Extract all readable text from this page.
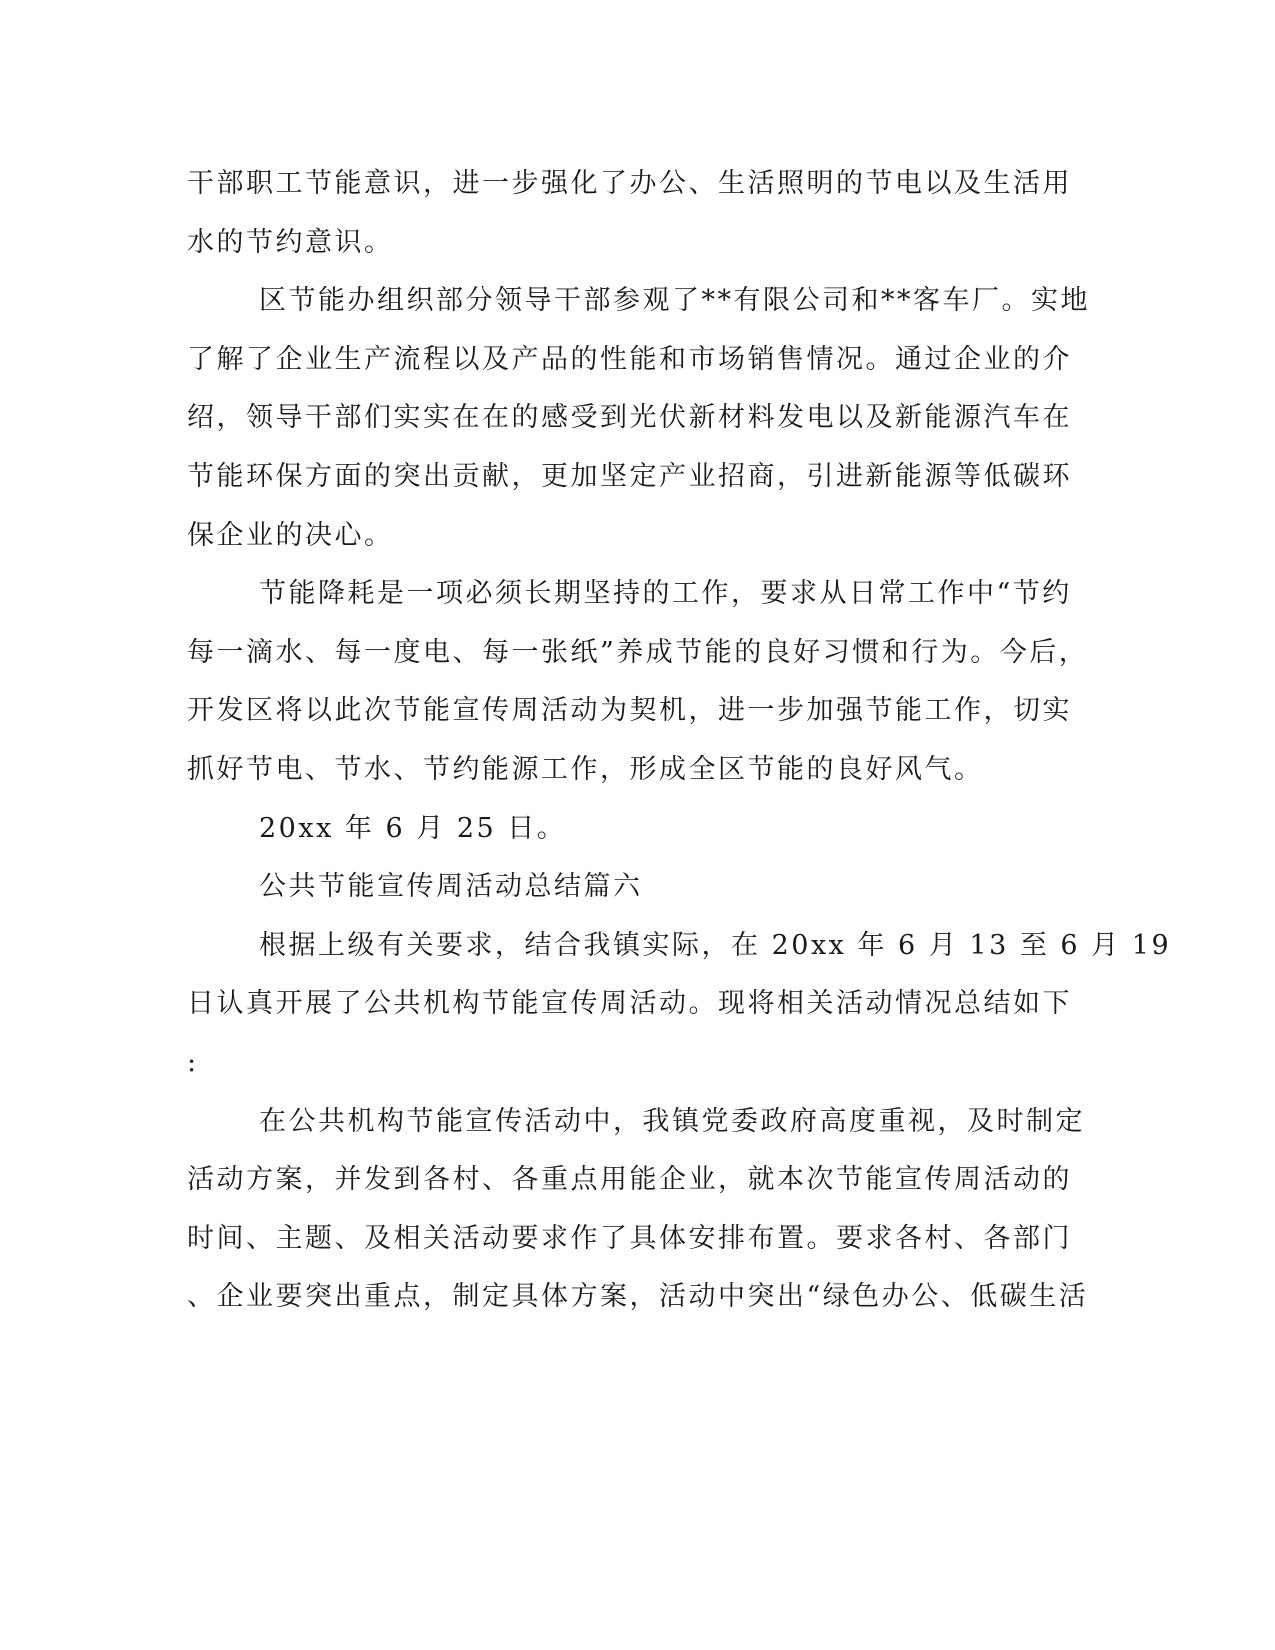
干部职工节能意识，进一步强化了办公、生活照明的节电以及生活用
水的节约意识。
区节能办组织部分领导干部参观了**有限公司和**客车厂。实地
了解了企业生产流程以及产品的性能和市场销售情况。通过企业的介
绍，领导干部们实实在在的感受到光伏新材料发电以及新能源汽车在
节能环保方面的突出贡献，更加坚定产业招商，引进新能源等低碳环
保企业的决心。
节能降耗是一项必须长期坚持的工作，要求从日常工作中“节约
每一滴水、每一度电、每一张纸”养成节能的良好习惯和行为。今后，
开发区将以此次节能宣传周活动为契机，进一步加强节能工作，切实
抓好节电、节水、节约能源工作，形成全区节能的良好风气。
20xx 年 6 月 25 日。
公共节能宣传周活动总结篇六
根据上级有关要求，结合我镇实际，在 20xx 年 6 月 13 至 6 月 19
日认真开展了公共机构节能宣传周活动。现将相关活动情况总结如下
:
在公共机构节能宣传活动中，我镇党委政府高度重视，及时制定
活动方案，并发到各村、各重点用能企业，就本次节能宣传周活动的
时间、主题、及相关活动要求作了具体安排布置。要求各村、各部门
、企业要突出重点，制定具体方案，活动中突出“绿色办公、低碳生活
